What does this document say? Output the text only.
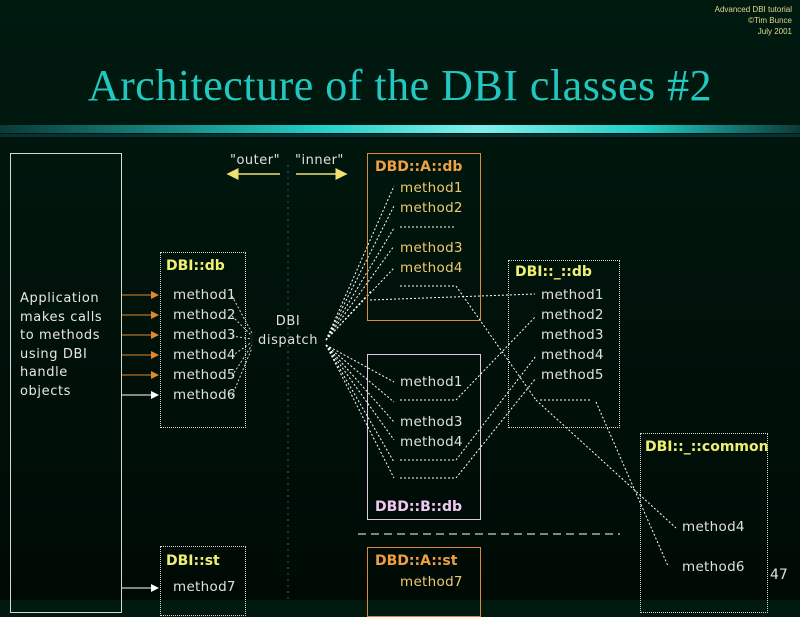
Advanced DBI tutorial
©Tim Bunce
July 2001
Architecture of the DBI classes #2
Application
makes calls
to methods
using DBI
handle
objects
"outer" "inner"
DBI::db
method1
method2
method3
method4
method5
method6
DBI
dispatch
DBD::A::db
method1
method2
method3
method4
method1
method3
method4
DBD::B::db
DBI::_::db
method1
method2
method3
method4
method5
DBI::_::common
method4
method6
DBI::st
method7
DBD::A::st
method7	47
